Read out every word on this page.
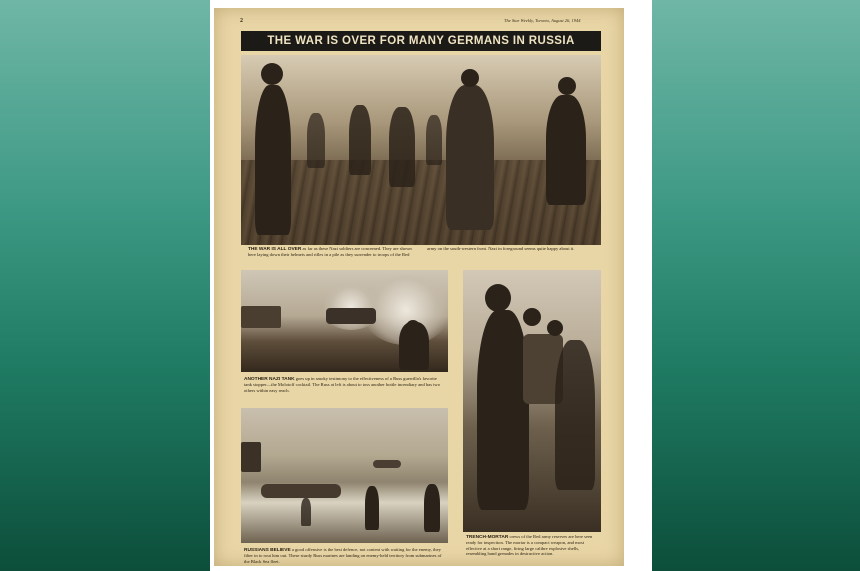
2	The Star Weekly, Toronto, August 26, 1944
THE WAR IS OVER FOR MANY GERMANS IN RUSSIA
THE WAR IS ALL OVER as far as these Nazi soldiers are concerned. They are shown here laying down their helmets and rifles in a pile as they surrender to troops of the Red army on the south-western front. Nazi in foreground seems quite happy about it.
ANOTHER NAZI TANK goes up in smoky testimony to the effectiveness of a Russ guerrilla's favorite tank stopper—the Molotoff cocktail. The Russ at left is about to toss another bottle incendiary and has two others within easy reach.
RUSSIANS BELIEVE a good offensive is the best defence, not content with waiting for the enemy, they filter in to rout him out. These sturdy Russ marines are landing on enemy-held territory from submarines of the Black Sea fleet.
TRENCH-MORTAR crews of the Red army reserves are here seen ready for inspection. The mortar is a compact weapon, and most effective at a short range, firing large calibre explosive shells, resembling hand grenades in destructive action.
